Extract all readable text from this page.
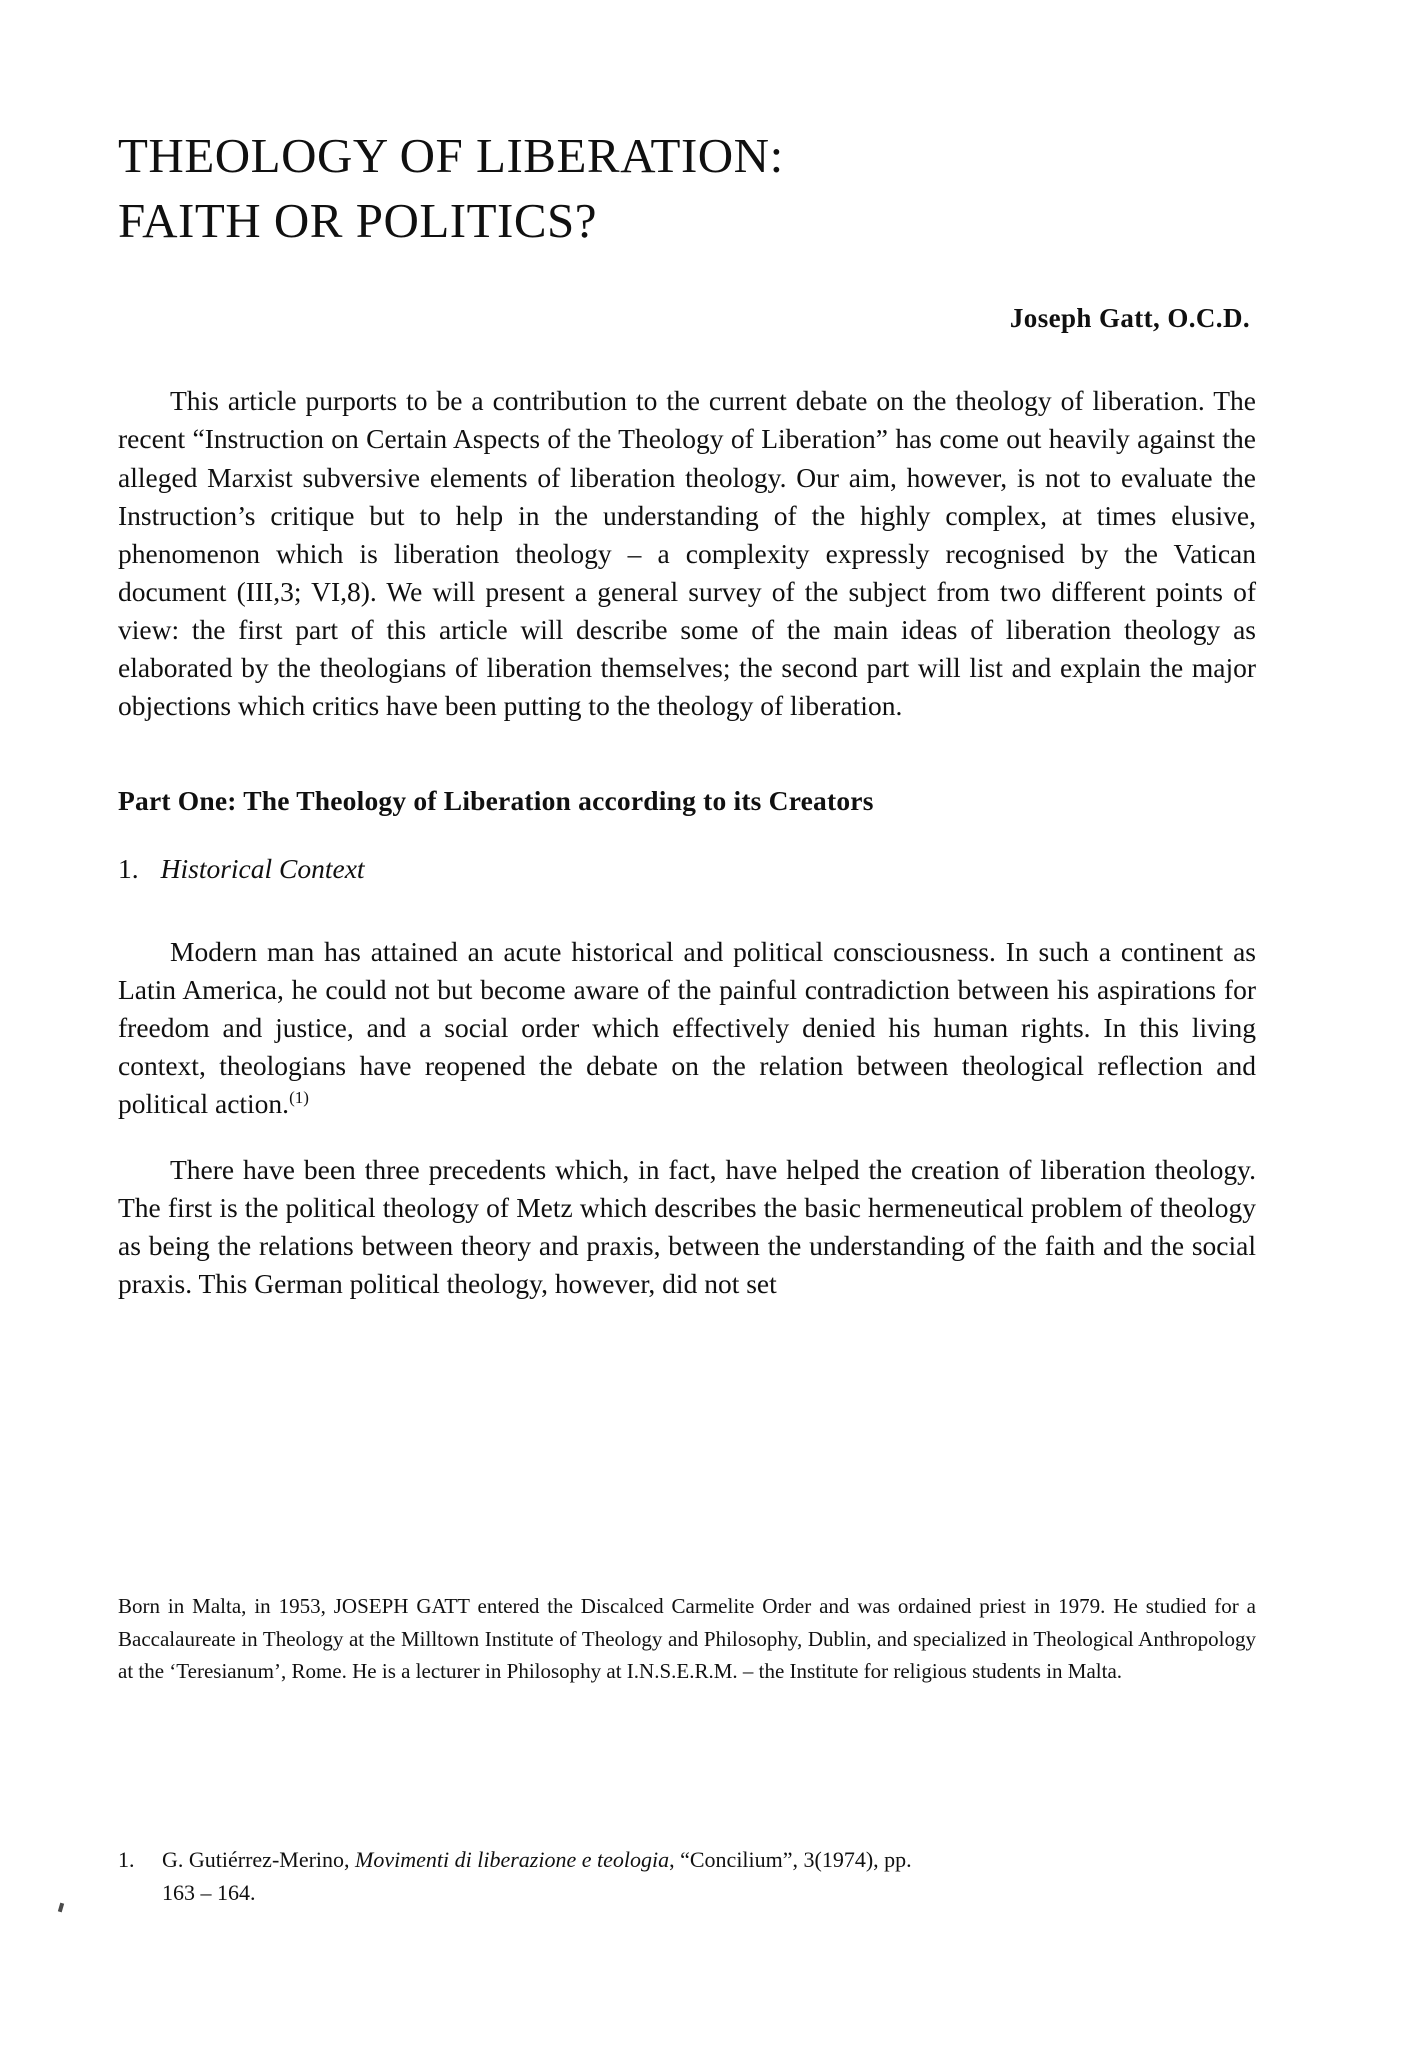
THEOLOGY OF LIBERATION:
FAITH OR POLITICS?
Joseph Gatt, O.C.D.

This article purports to be a contribution to the current debate on the theology of liberation. The recent “Instruction on Certain Aspects of the Theology of Liberation” has come out heavily against the alleged Marxist subversive elements of liberation theology. Our aim, however, is not to evaluate the Instruction’s critique but to help in the understanding of the highly complex, at times elusive, phenomenon which is liberation theology – a complexity expressly recognised by the Vatican document (III,3; VI,8). We will present a general survey of the subject from two different points of view: the first part of this article will describe some of the main ideas of liberation theology as elaborated by the theologians of liberation themselves; the second part will list and explain the major objections which critics have been putting to the theology of liberation.

Part One: The Theology of Liberation according to its Creators
1. Historical Context

Modern man has attained an acute historical and political consciousness. In such a continent as Latin America, he could not but become aware of the painful contradiction between his aspirations for freedom and justice, and a social order which effectively denied his human rights. In this living context, theologians have reopened the debate on the relation between theological reflection and political action.$^{(1)}$

There have been three precedents which, in fact, have helped the creation of liberation theology. The first is the political theology of Metz which describes the basic hermeneutical problem of theology as being the relations between theory and praxis, between the understanding of the faith and the social praxis. This German political theology, however, did not set

Born in Malta, in 1953, JOSEPH GATT entered the Discalced Carmelite Order and was ordained priest in 1979. He studied for a Baccalaureate in Theology at the Milltown Institute of Theology and Philosophy, Dublin, and specialized in Theological Anthropology at the ‘Teresianum’, Rome. He is a lecturer in Philosophy at I.N.S.E.R.M. – the Institute for religious students in Malta.
1. G. Gutiérrez-Merino, Movimenti di liberazione e teologia, “Concilium”, 3(1974), pp.
163 – 164.
